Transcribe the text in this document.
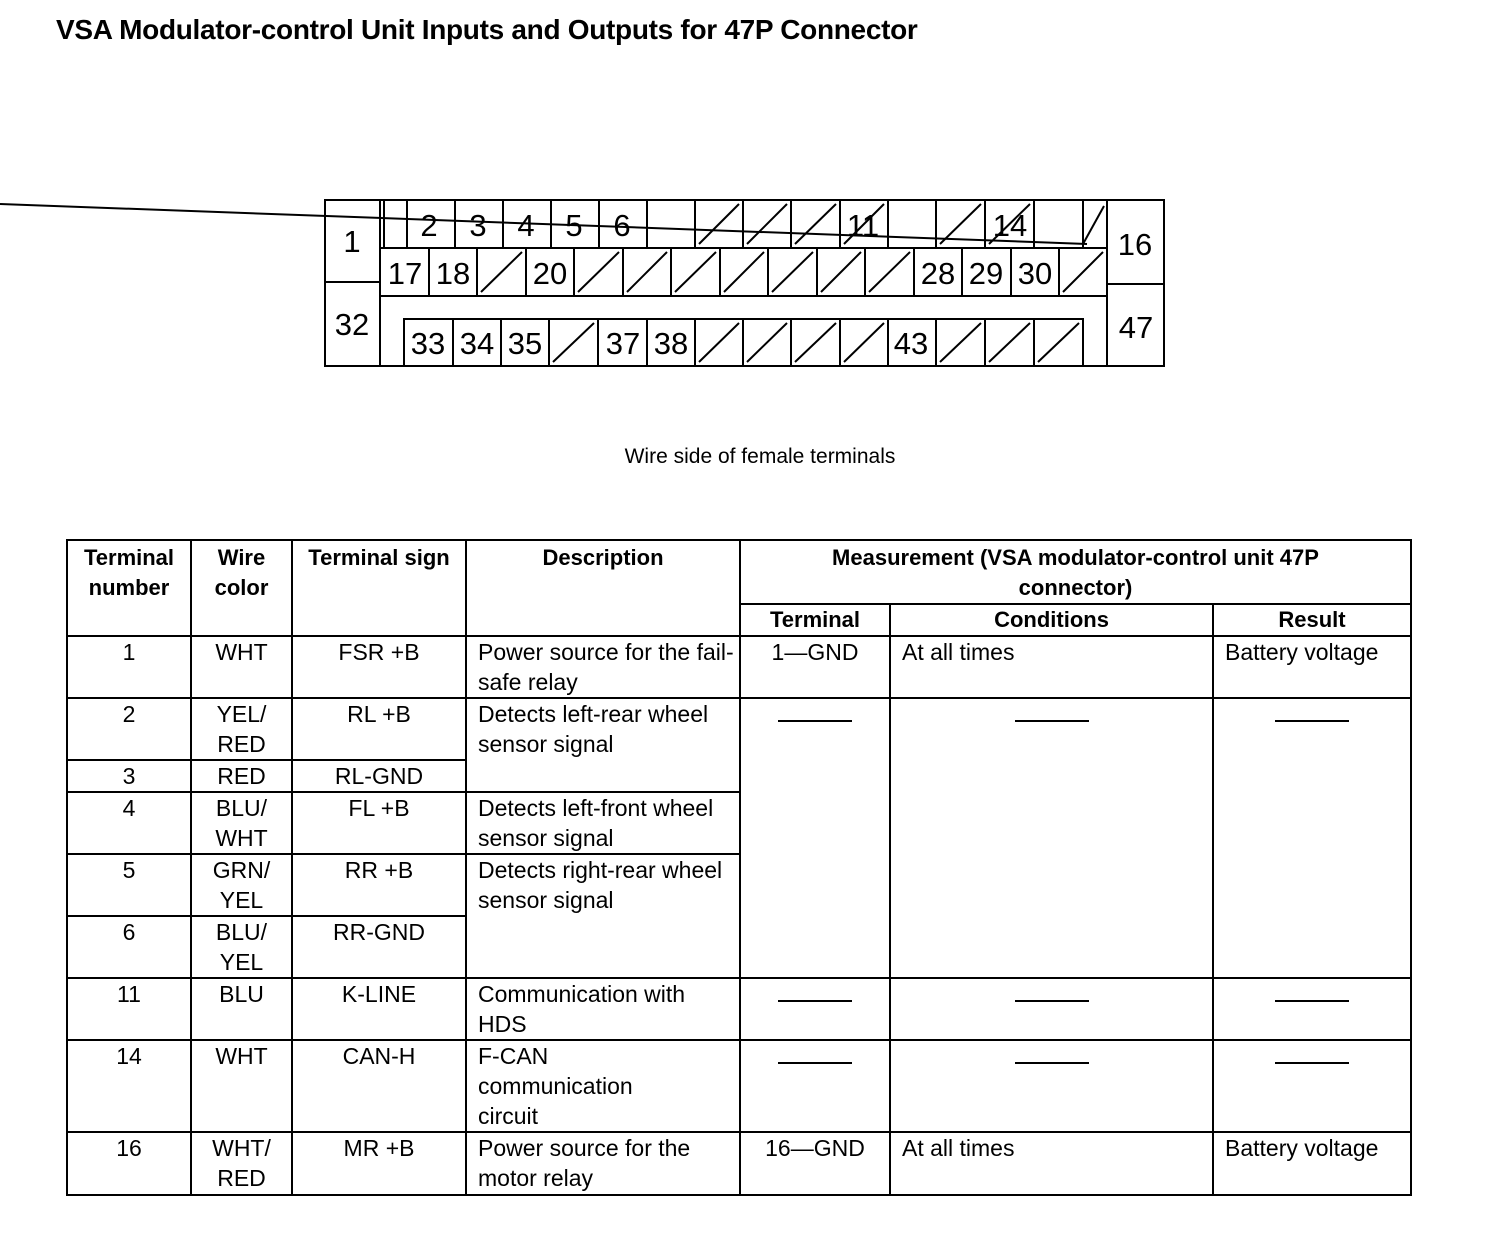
VSA Modulator-control Unit Inputs and Outputs for 47P Connector
1
32
16
47
2 3 4 5 6	11	14
17 18 20	28 29 30
33 34 35 37 38	43
Wire side of female terminals
Terminal number	Wire color	Terminal sign	Description	Measurement (VSA modulator-control unit 47P connector)		
				Terminal	Conditions	Result
1	WHT	FSR +B	Power source for the fail-safe relay	1—GND	At all times	Battery voltage
2	YEL/ RED	RL +B	Detects left-rear wheel sensor signal			
3	RED	RL-GND				
4	BLU/ WHT	FL +B	Detects left-front wheel sensor signal			
5	GRN/ YEL	RR +B	Detects right-rear wheel sensor signal			
6	BLU/ YEL	RR-GND				
11	BLU	K-LINE	Communication with HDS			
14	WHT	CAN-H	F-CAN communication circuit			
16	WHT/ RED	MR +B	Power source for the motor relay	16—GND	At all times	Battery voltage
